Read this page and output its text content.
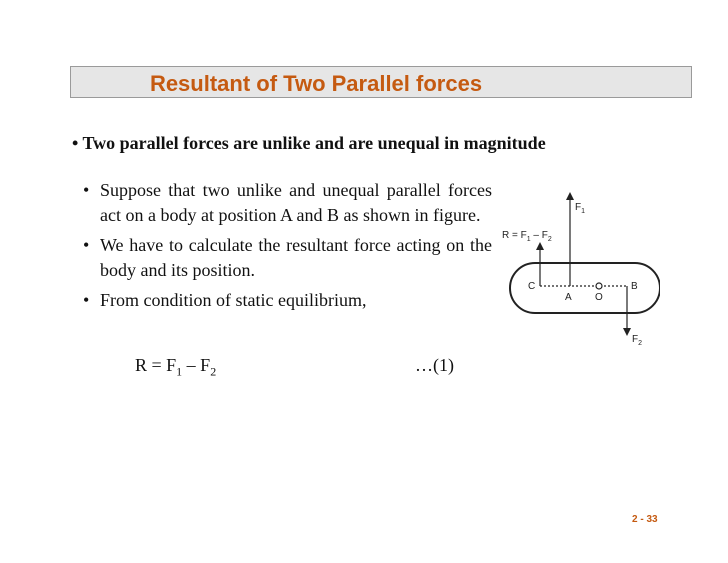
Resultant of Two Parallel forces
• Two parallel forces are unlike and are unequal in magnitude
• Suppose that two unlike and unequal parallel forces act on a body at position A and B as shown in figure.
• We have to calculate the resultant force acting on the body and its position.
• From condition of static equilibrium,
$R = F_1 - F_2$	…(1)
$R = F_1 - F_2$
$F_1$
$F_2$
C
A O
B
2 - 33
